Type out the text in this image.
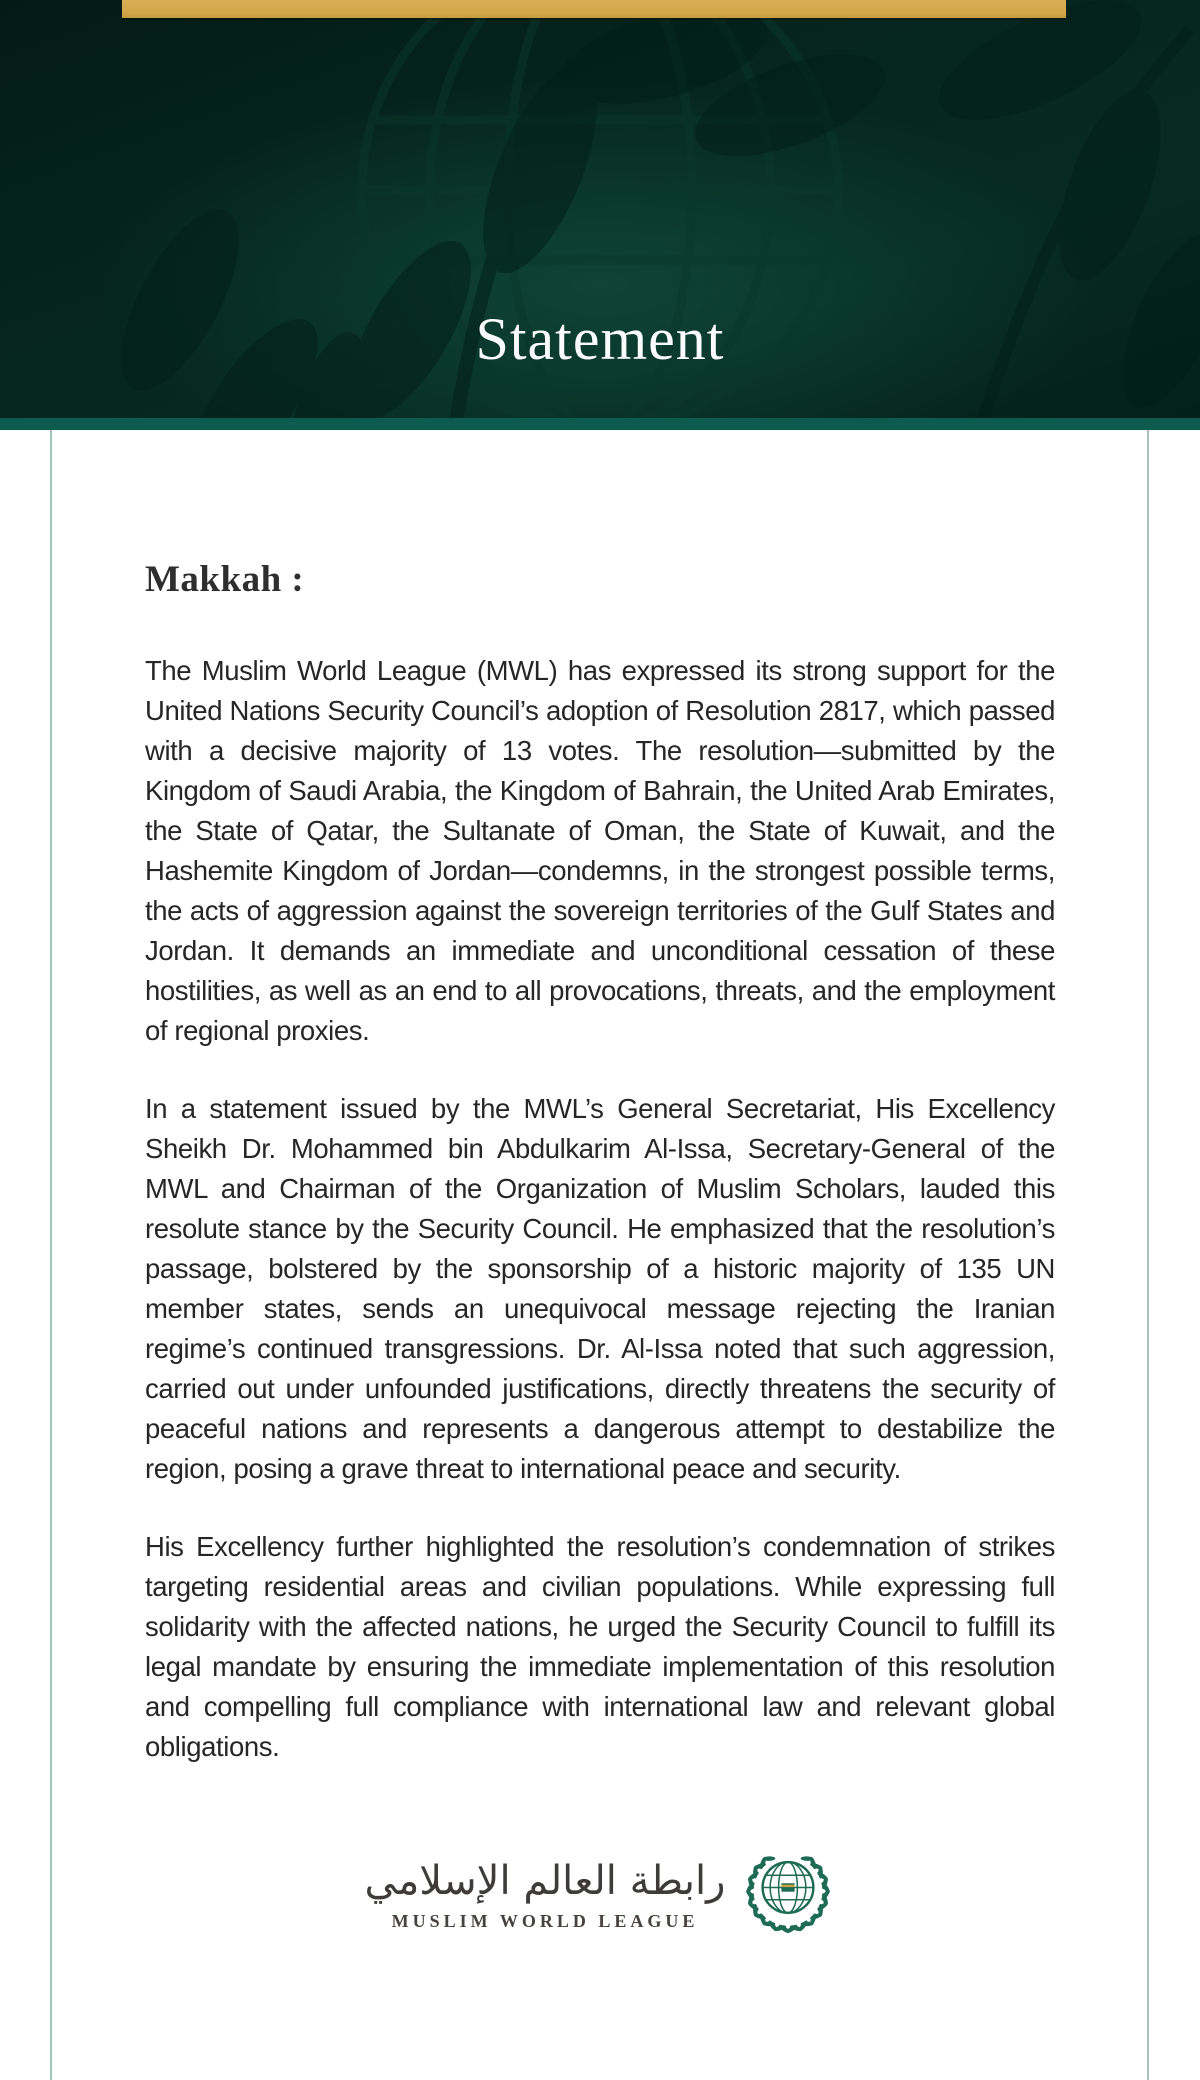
Statement
Makkah :

The Muslim World League (MWL) has expressed its strong support for the United Nations Security Council’s adoption of Resolution 2817, which passed with a decisive majority of 13 votes. The resolution—submitted by the Kingdom of Saudi Arabia, the Kingdom of Bahrain, the United Arab Emirates, the State of Qatar, the Sultanate of Oman, the State of Kuwait, and the Hashemite Kingdom of Jordan—condemns, in the strongest possible terms, the acts of aggression against the sovereign territories of the Gulf States and Jordan. It demands an immediate and unconditional cessation of these hostilities, as well as an end to all provocations, threats, and the employment of regional proxies.

In a statement issued by the MWL’s General Secretariat, His Excellency Sheikh Dr. Mohammed bin Abdulkarim Al-Issa, Secretary-General of the MWL and Chairman of the Organization of Muslim Scholars, lauded this resolute stance by the Security Council. He emphasized that the resolution’s passage, bolstered by the sponsorship of a historic majority of 135 UN member states, sends an unequivocal message rejecting the Iranian regime’s continued transgressions. Dr. Al-Issa noted that such aggression, carried out under unfounded justifications, directly threatens the security of peaceful nations and represents a dangerous attempt to destabilize the region, posing a grave threat to international peace and security.

His Excellency further highlighted the resolution’s condemnation of strikes targeting residential areas and civilian populations. While expressing full solidarity with the affected nations, he urged the Security Council to fulfill its legal mandate by ensuring the immediate implementation of this resolution and compelling full compliance with international law and relevant global obligations.

رابطة العالم الإسلامي
MUSLIM WORLD LEAGUE
